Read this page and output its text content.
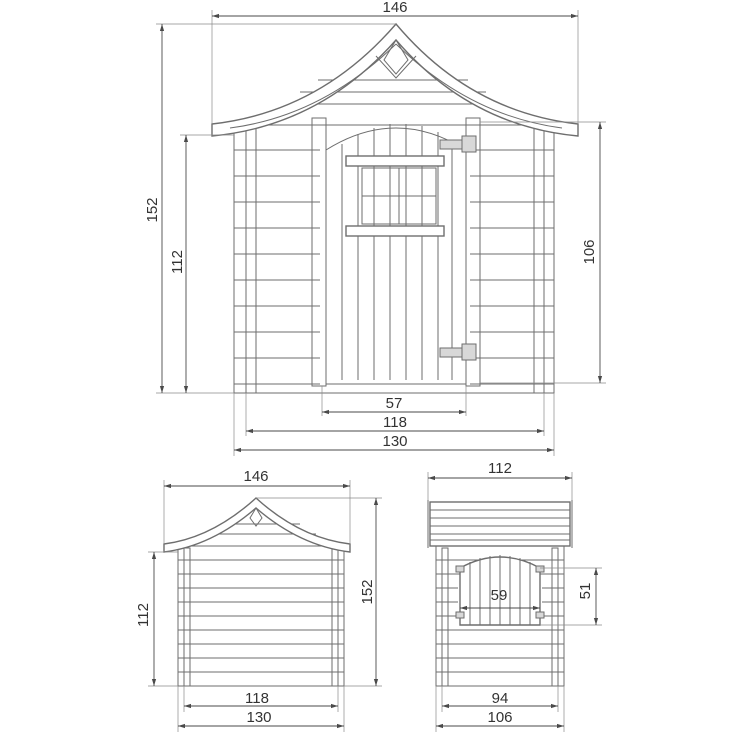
146
152
112	106
57
118
130
146
112
152
118
130
112
59	51
94
106
